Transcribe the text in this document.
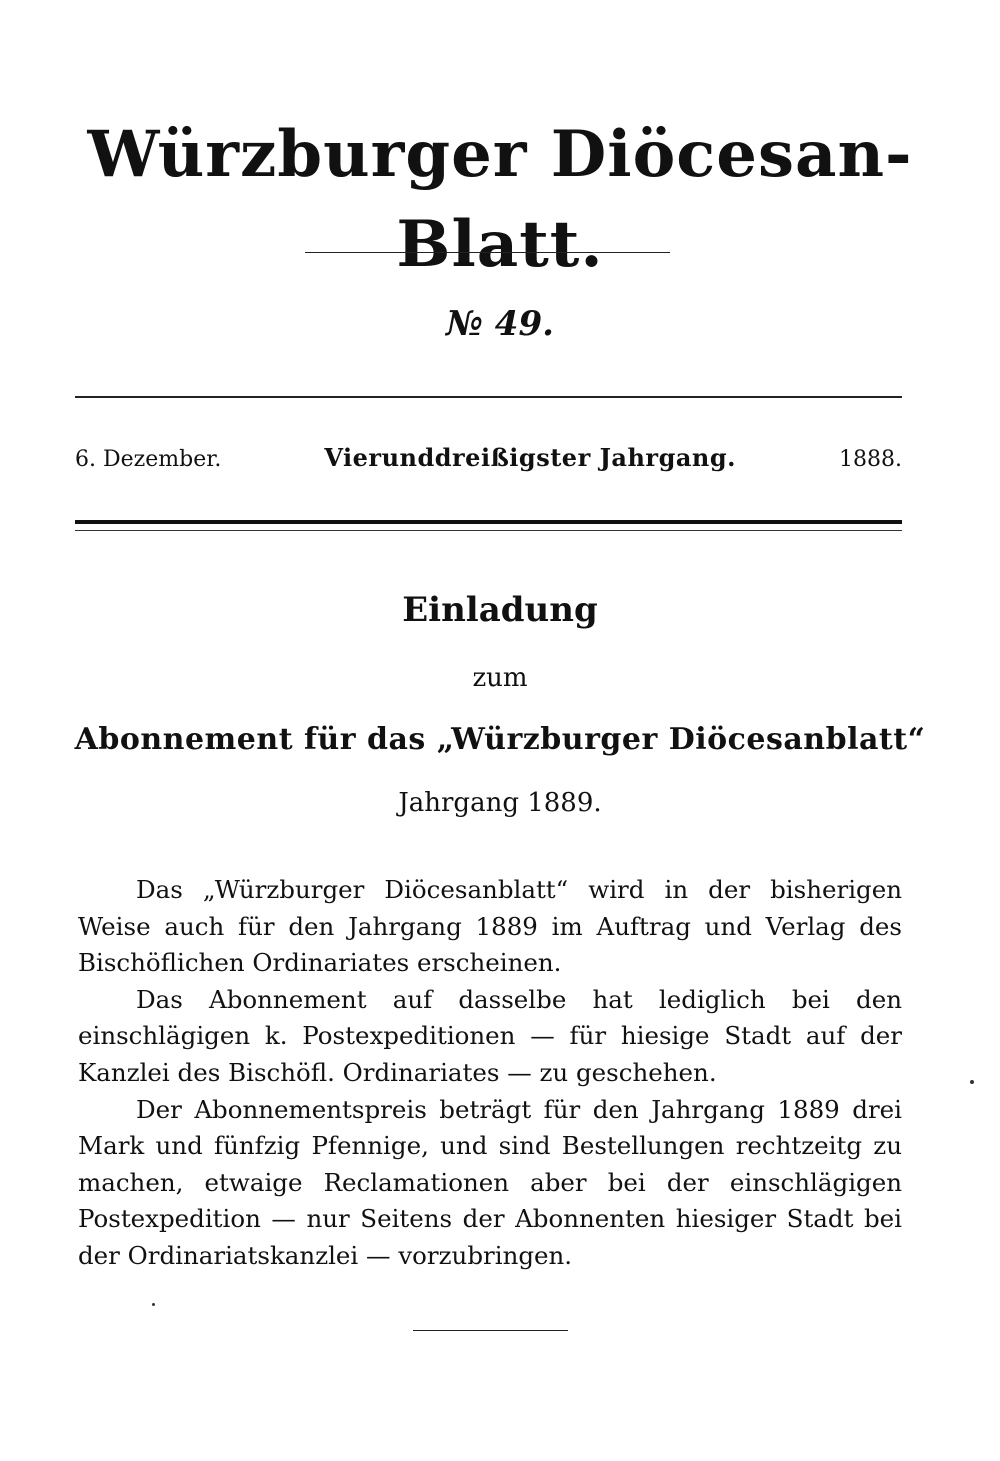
Würzburger Diöcesan-Blatt.
№ 49.
6. Dezember.	Vierunddreißigster Jahrgang.	1888.
Einladung
zum
Abonnement für das „Würzburger Diöcesanblatt“
Jahrgang 1889.

Das „Würzburger Diöcesanblatt“ wird in der bisherigen Weise auch für den Jahrgang 1889 im Auftrag und Verlag des Bischöflichen Ordinariates erscheinen.

Das Abonnement auf dasselbe hat lediglich bei den einschlägigen k. Postexpeditionen — für hiesige Stadt auf der Kanzlei des Bischöfl. Ordinariates — zu geschehen.

Der Abonnementspreis beträgt für den Jahrgang 1889 drei Mark und fünfzig Pfennige, und sind Bestellungen rechtzeitg zu machen, etwaige Reclamationen aber bei der einschlägigen Postexpedition — nur Seitens der Abonnenten hiesiger Stadt bei der Ordinariatskanzlei — vorzubringen.
